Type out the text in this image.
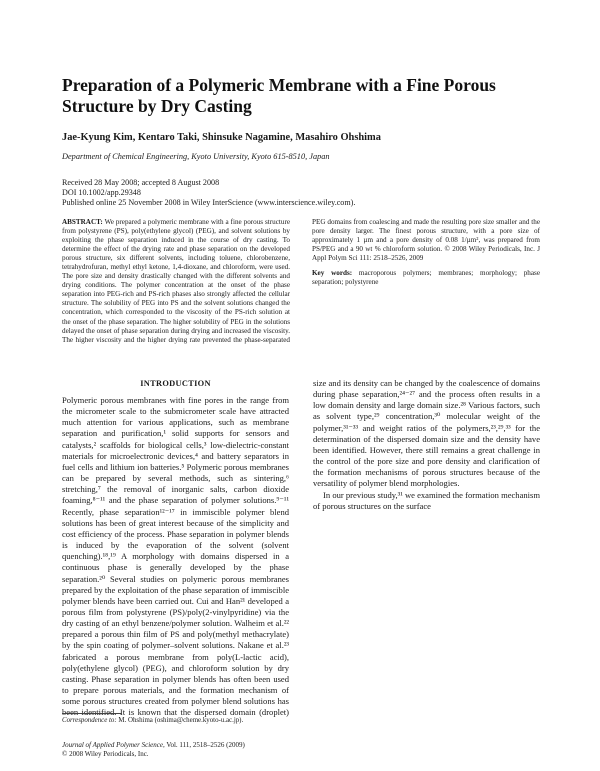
Preparation of a Polymeric Membrane with a Fine Porous Structure by Dry Casting
Jae-Kyung Kim, Kentaro Taki, Shinsuke Nagamine, Masahiro Ohshima
Department of Chemical Engineering, Kyoto University, Kyoto 615-8510, Japan
Received 28 May 2008; accepted 8 August 2008
DOI 10.1002/app.29348
Published online 25 November 2008 in Wiley InterScience (www.interscience.wiley.com).
ABSTRACT: We prepared a polymeric membrane with a fine porous structure from polystyrene (PS), poly(ethylene glycol) (PEG), and solvent solutions by exploiting the phase separation induced in the course of dry casting. To determine the effect of the drying rate and phase separation on the developed porous structure, six different solvents, including toluene, chlorobenzene, tetrahydrofuran, methyl ethyl ketone, 1,4-dioxane, and chloroform, were used. The pore size and density drastically changed with the different solvents and drying conditions. The polymer concentration at the onset of the phase separation into PEG-rich and PS-rich phases also strongly affected the cellular structure. The solubility of PEG into PS and the solvent solutions changed the concentration, which corresponded to the viscosity of the PS-rich solution at the onset of the phase separation. The higher solubility of PEG in the solutions delayed the onset of phase separation during drying and increased the viscosity. The higher viscosity and the higher drying rate prevented the phase-separated PEG domains from coalescing and made the resulting pore size smaller and the pore density larger. The finest porous structure, with a pore size of approximately 1 µm and a pore density of 0.08 1/µm², was prepared from PS/PEG and a 90 wt % chloroform solution. © 2008 Wiley Periodicals, Inc. J Appl Polym Sci 111: 2518–2526, 2009
Key words: macroporous polymers; membranes; morphology; phase separation; polystyrene
INTRODUCTION

Polymeric porous membranes with fine pores in the range from the micrometer scale to the submicrometer scale have attracted much attention for various applications, such as membrane separation and purification,¹ solid supports for sensors and catalysts,² scaffolds for biological cells,³ low-dielectric-constant materials for microelectronic devices,⁴ and battery separators in fuel cells and lithium ion batteries.⁵ Polymeric porous membranes can be prepared by several methods, such as sintering,⁶ stretching,⁷ the removal of inorganic salts, carbon dioxide foaming,⁸⁻¹¹ and the phase separation of polymer solutions.⁹⁻¹¹ Recently, phase separation¹²⁻¹⁷ in immiscible polymer blend solutions has been of great interest because of the simplicity and cost efficiency of the process. Phase separation in polymer blends is induced by the evaporation of the solvent (solvent quenching).¹⁸,¹⁹ A morphology with domains dispersed in a continuous phase is generally developed by the phase separation.²⁰ Several studies on polymeric porous membranes prepared by the exploitation of the phase separation of immiscible polymer blends have been carried out. Cui and Han²¹ developed a porous film from polystyrene (PS)/poly(2-vinylpyridine) via the dry casting of an ethyl benzene/polymer solution. Walheim et al.²² prepared a porous thin film of PS and poly(methyl methacrylate) by the spin coating of polymer–solvent solutions. Nakane et al.²³ fabricated a porous membrane from poly(L-lactic acid), poly(ethylene glycol) (PEG), and chloroform solution by dry casting. Phase separation in polymer blends has often been used to prepare porous materials, and the formation mechanism of some porous structures created from polymer blend solutions has been identified. It is known that the dispersed domain (droplet) size and its density can be changed by the coalescence of domains during phase separation,²⁴⁻²⁷ and the process often results in a low domain density and large domain size.²⁸ Various factors, such as solvent type,²⁹ concentration,³⁰ molecular weight of the polymer,³¹⁻³³ and weight ratios of the polymers,²³,²⁹,³³ for the determination of the dispersed domain size and the density have been identified. However, there still remains a great challenge in the control of the pore size and pore density and clarification of the formation mechanisms of porous structures because of the versatility of polymer blend morphologies.

In our previous study,³¹ we examined the formation mechanism of porous structures on the surface

Correspondence to: M. Ohshima (oshima@cheme.kyoto-u.ac.jp).
Journal of Applied Polymer Science, Vol. 111, 2518–2526 (2009)
© 2008 Wiley Periodicals, Inc.
